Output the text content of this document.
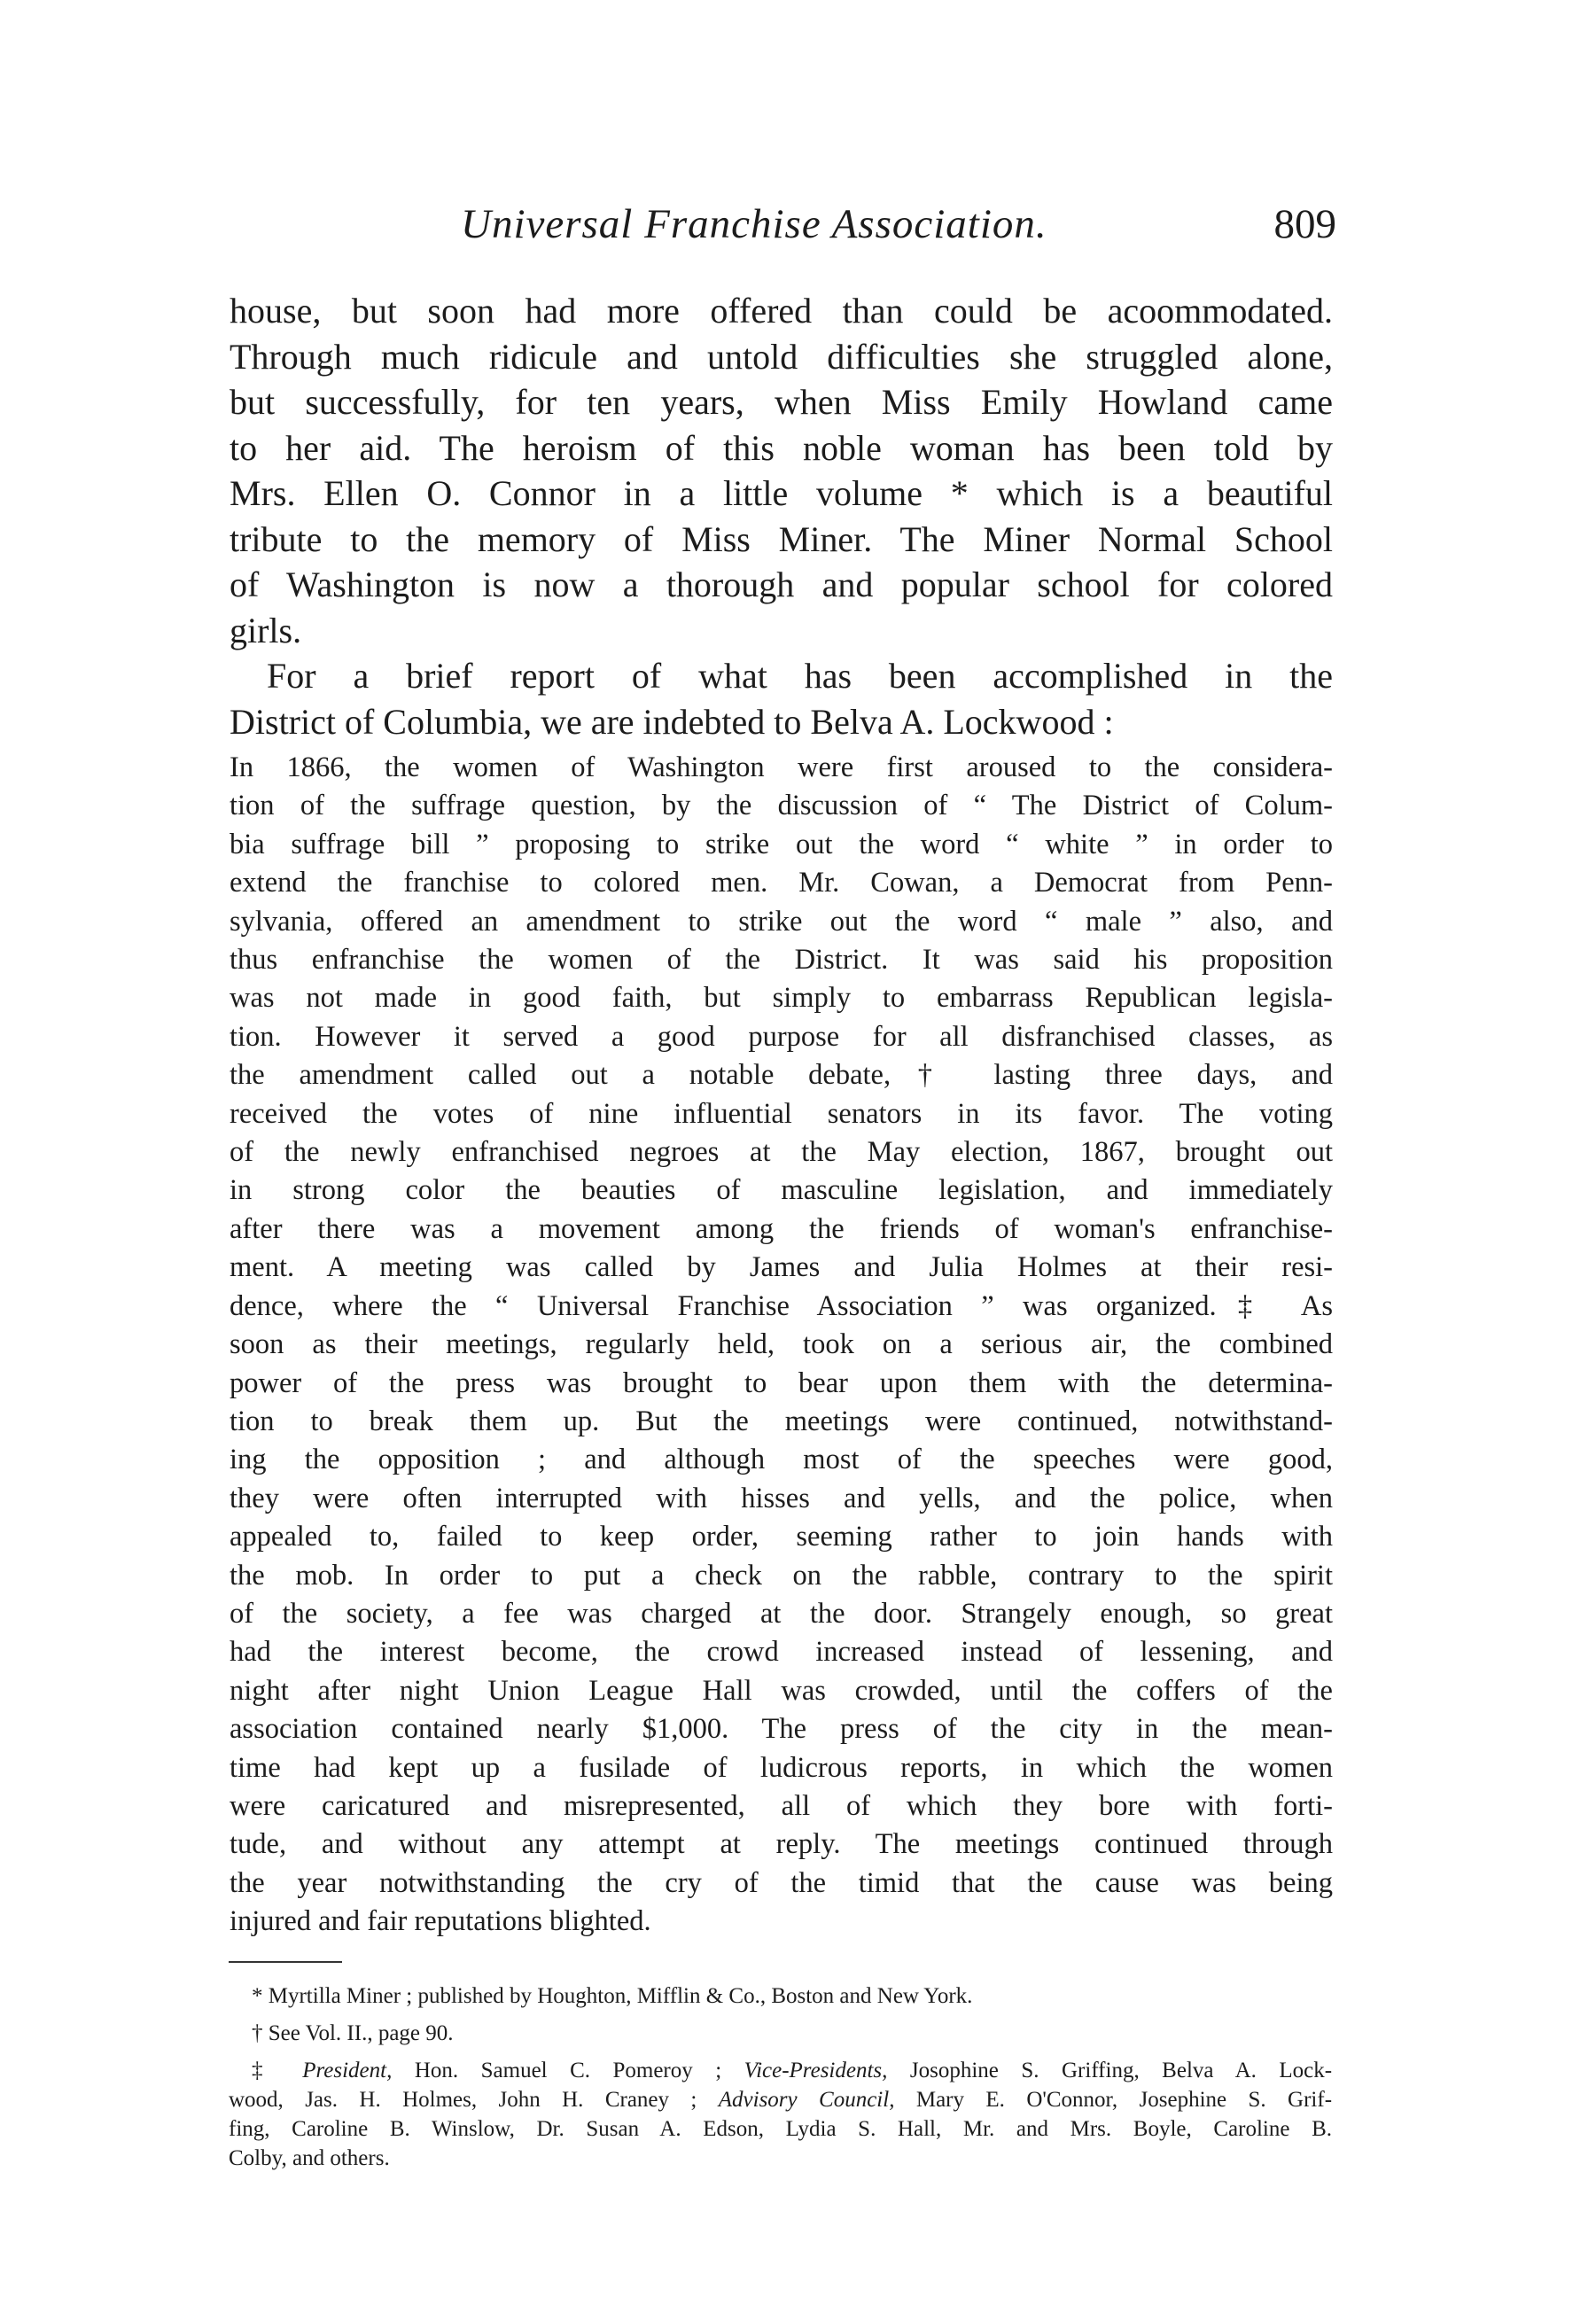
Universal Franchise Association.	809
house, but soon had more offered than could be acoommodated.
Through much ridicule and untold difficulties she struggled alone,
but successfully, for ten years, when Miss Emily Howland came
to her aid. The heroism of this noble woman has been told by
Mrs. Ellen O. Connor in a little volume * which is a beautiful
tribute to the memory of Miss Miner. The Miner Normal School
of Washington is now a thorough and popular school for colored
girls.
For a brief report of what has been accomplished in the
District of Columbia, we are indebted to Belva A. Lockwood :
In 1866, the women of Washington were first aroused to the considera-
tion of the suffrage question, by the discussion of “ The District of Colum-
bia suffrage bill ” proposing to strike out the word “ white ” in order to
extend the franchise to colored men. Mr. Cowan, a Democrat from Penn-
sylvania, offered an amendment to strike out the word “ male ” also, and
thus enfranchise the women of the District. It was said his proposition
was not made in good faith, but simply to embarrass Republican legisla-
tion. However it served a good purpose for all disfranchised classes, as
the amendment called out a notable debate,† lasting three days, and
received the votes of nine influential senators in its favor. The voting
of the newly enfranchised negroes at the May election, 1867, brought out
in strong color the beauties of masculine legislation, and immediately
after there was a movement among the friends of woman's enfranchise-
ment. A meeting was called by James and Julia Holmes at their resi-
dence, where the “ Universal Franchise Association ” was organized.‡ As
soon as their meetings, regularly held, took on a serious air, the combined
power of the press was brought to bear upon them with the determina-
tion to break them up. But the meetings were continued, notwithstand-
ing the opposition ; and although most of the speeches were good,
they were often interrupted with hisses and yells, and the police, when
appealed to, failed to keep order, seeming rather to join hands with
the mob. In order to put a check on the rabble, contrary to the spirit
of the society, a fee was charged at the door. Strangely enough, so great
had the interest become, the crowd increased instead of lessening, and
night after night Union League Hall was crowded, until the coffers of the
association contained nearly $1,000. The press of the city in the mean-
time had kept up a fusilade of ludicrous reports, in which the women
were caricatured and misrepresented, all of which they bore with forti-
tude, and without any attempt at reply. The meetings continued through
the year notwithstanding the cry of the timid that the cause was being
injured and fair reputations blighted.
* Myrtilla Miner ; published by Houghton, Mifflin & Co., Boston and New York.
† See Vol. II., page 90.
‡ President, Hon. Samuel C. Pomeroy ; Vice-Presidents, Josophine S. Griffing, Belva A. Lock-
wood, Jas. H. Holmes, John H. Craney ; Advisory Council, Mary E. O'Connor, Josephine S. Grif-
fing, Caroline B. Winslow, Dr. Susan A. Edson, Lydia S. Hall, Mr. and Mrs. Boyle, Caroline B.
Colby, and others.
